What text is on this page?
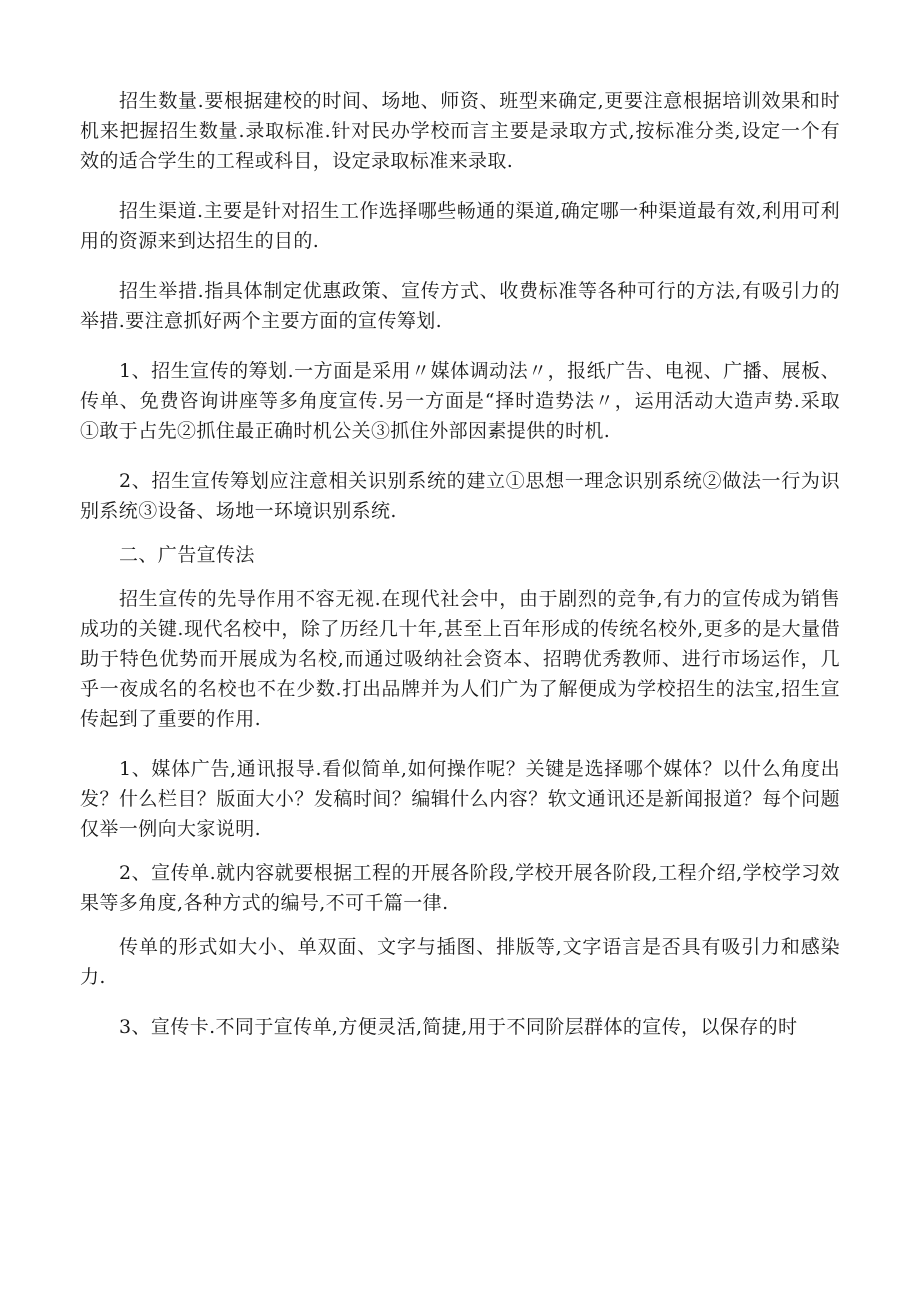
招生数量.要根据建校的时间、场地、师资、班型来确定,更要注意根据培训效果和时机来把握招生数量.录取标准.针对民办学校而言主要是录取方式,按标准分类,设定一个有效的适合学生的工程或科目，设定录取标准来录取.

招生渠道.主要是针对招生工作选择哪些畅通的渠道,确定哪一种渠道最有效,利用可利用的资源来到达招生的目的.

招生举措.指具体制定优惠政策、宣传方式、收费标准等各种可行的方法,有吸引力的举措.要注意抓好两个主要方面的宣传筹划.

1、招生宣传的筹划.一方面是采用〃媒体调动法〃，报纸广告、电视、广播、展板、传单、免费咨询讲座等多角度宣传.另一方面是“择时造势法〃，运用活动大造声势.采取①敢于占先②抓住最正确时机公关③抓住外部因素提供的时机.

2、招生宣传筹划应注意相关识别系统的建立①思想一理念识别系统②做法一行为识别系统③设备、场地一环境识别系统.

二、广告宣传法

招生宣传的先导作用不容无视.在现代社会中，由于剧烈的竞争,有力的宣传成为销售成功的关键.现代名校中，除了历经几十年,甚至上百年形成的传统名校外,更多的是大量借助于特色优势而开展成为名校,而通过吸纳社会资本、招聘优秀教师、进行市场运作，几乎一夜成名的名校也不在少数.打出品牌并为人们广为了解便成为学校招生的法宝,招生宣传起到了重要的作用.

1、媒体广告,通讯报导.看似简单,如何操作呢？关键是选择哪个媒体？以什么角度出发？什么栏目？版面大小？发稿时间？编辑什么内容？软文通讯还是新闻报道？每个问题仅举一例向大家说明.

2、宣传单.就内容就要根据工程的开展各阶段,学校开展各阶段,工程介绍,学校学习效果等多角度,各种方式的编号,不可千篇一律.

传单的形式如大小、单双面、文字与插图、排版等,文字语言是否具有吸引力和感染力.

3、宣传卡.不同于宣传单,方便灵活,简捷,用于不同阶层群体的宣传，以保存的时
